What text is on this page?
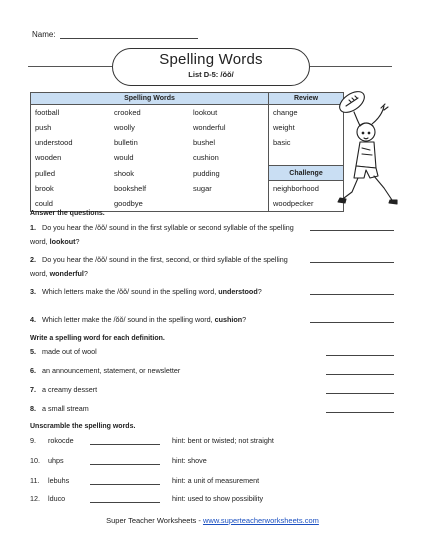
Name:
Spelling Words
List D-5: /ŏŏ/
Spelling Words			Review
football	crooked	lookout	change
push	woolly	wonderful	weight
understood	bulletin	bushel	basic
wooden	would	cushion	
pulled	shook	pudding	Challenge
brook	bookshelf	sugar	neighborhood
could	goodbye		woodpecker
Answer the questions.
1. Do you hear the /ŏŏ/ sound in the first syllable or second syllable of the spelling word, lookout?
2. Do you hear the /ŏŏ/ sound in the first, second, or third syllable of the spelling word, wonderful?
3. Which letters make the /ŏŏ/ sound in the spelling word, understood?
4. Which letter make the /ŏŏ/ sound in the spelling word, cushion?
Write a spelling word for each definition.
5. made out of wool
6. an announcement, statement, or newsletter
7. a creamy dessert
8. a small stream
Unscramble the spelling words.
9. rokocde	hint: bent or twisted; not straight
10. uhps	hint: shove
11. lebuhs	hint: a unit of measurement
12. lduco	hint: used to show possibility
Super Teacher Worksheets - www.superteacherworksheets.com
